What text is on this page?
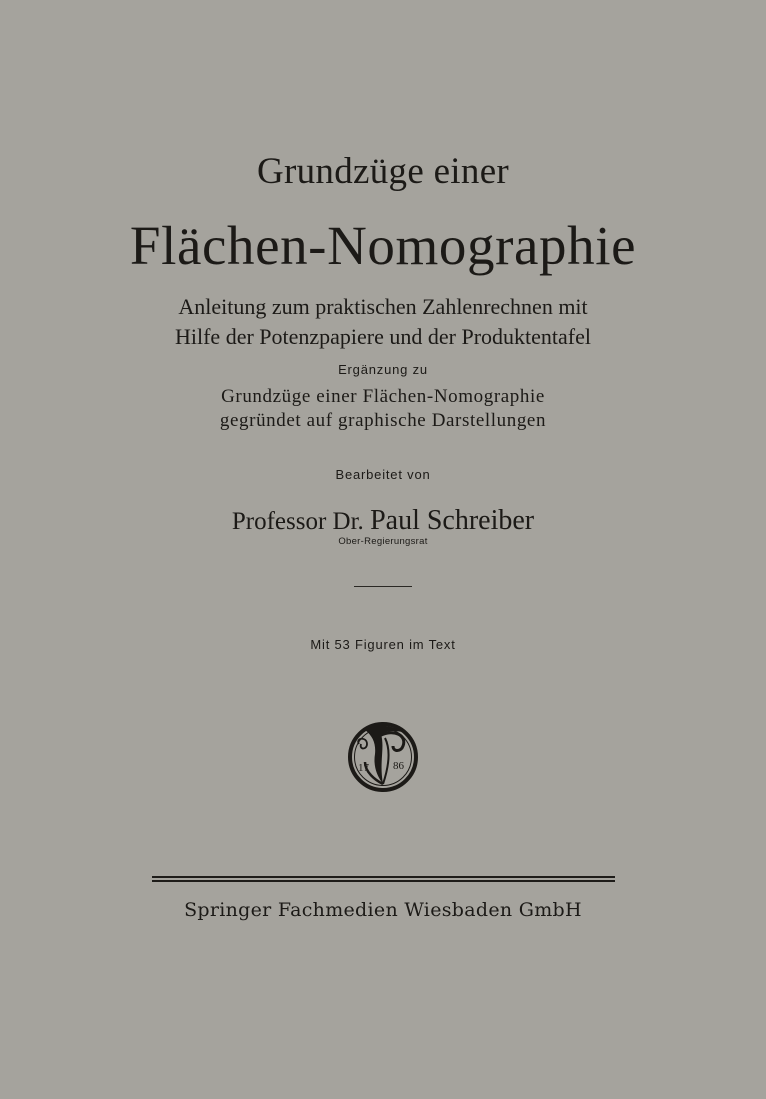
Grundzüge einer
Flächen-Nomographie
Anleitung zum praktischen Zahlenrechnen mit
Hilfe der Potenzpapiere und der Produktentafel
Ergänzung zu
Grundzüge einer Flächen-Nomographie
gegründet auf graphische Darstellungen
Bearbeitet von
Professor Dr. Paul Schreiber
Ober-Regierungsrat
Mit 53 Figuren im Text
17 86
Springer Fachmedien Wiesbaden GmbH
